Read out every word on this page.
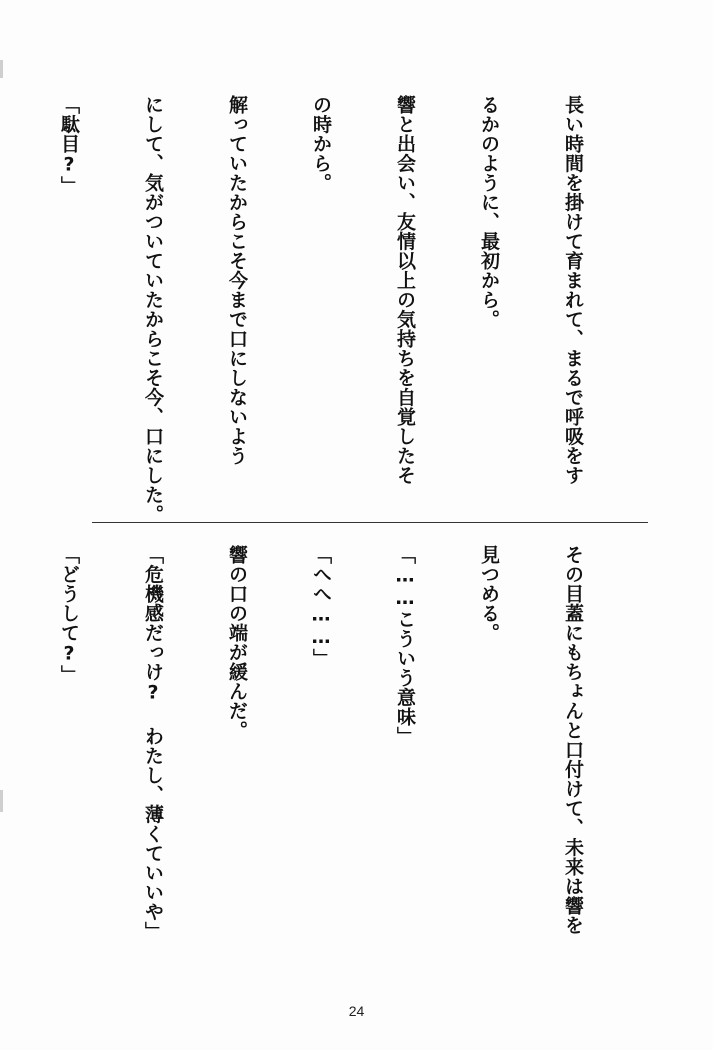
長い時間を掛けて育まれて、まるで呼吸をす

るかのように、最初から。

響と出会い、友情以上の気持ちを自覚したそ

の時から。

解っていたからこそ今まで口にしないよう

にして、気がついていたからこそ今、口にした。

「駄目?」

その目蓋にもちょんと口付けて、未来は響を

見つめる。

「……こういう意味」

「へへ……」

響の口の端が緩んだ。

「危機感だっけ? わたし、薄くていいや」

「どうして?」

24
